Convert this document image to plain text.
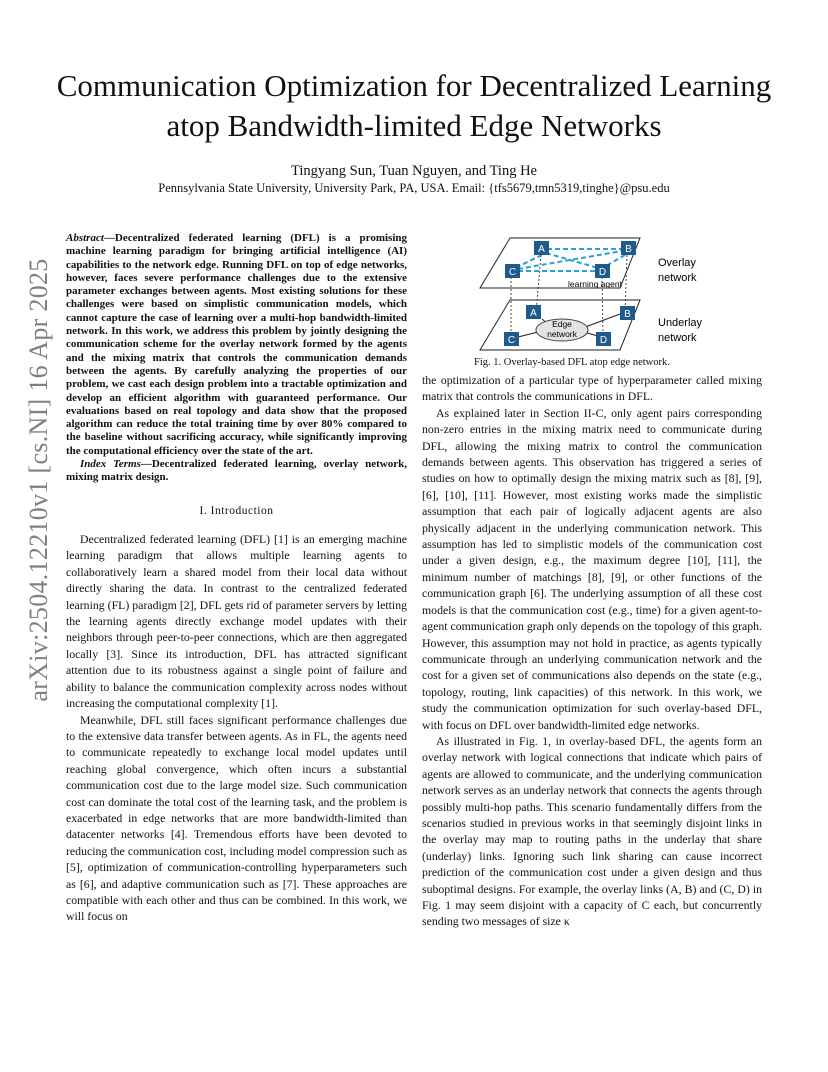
Communication Optimization for Decentralized Learning atop Bandwidth-limited Edge Networks
Tingyang Sun, Tuan Nguyen, and Ting He
Pennsylvania State University, University Park, PA, USA. Email: {tfs5679,tmn5319,tinghe}@psu.edu
arXiv:2504.12210v1 [cs.NI] 16 Apr 2025

Abstract—Decentralized federated learning (DFL) is a promising machine learning paradigm for bringing artificial intelligence (AI) capabilities to the network edge. Running DFL on top of edge networks, however, faces severe performance challenges due to the extensive parameter exchanges between agents. Most existing solutions for these challenges were based on simplistic communication models, which cannot capture the case of learning over a multi-hop bandwidth-limited network. In this work, we address this problem by jointly designing the communication scheme for the overlay network formed by the agents and the mixing matrix that controls the communication demands between the agents. By carefully analyzing the properties of our problem, we cast each design problem into a tractable optimization and develop an efficient algorithm with guaranteed performance. Our evaluations based on real topology and data show that the proposed algorithm can reduce the total training time by over 80% compared to the baseline without sacrificing accuracy, while significantly improving the computational efficiency over the state of the art.

Index Terms—Decentralized federated learning, overlay network, mixing matrix design.

I. Introduction

Decentralized federated learning (DFL) [1] is an emerging machine learning paradigm that allows multiple learning agents to collaboratively learn a shared model from their local data without directly sharing the data. In contrast to the centralized federated learning (FL) paradigm [2], DFL gets rid of parameter servers by letting the learning agents directly exchange model updates with their neighbors through peer-to-peer connections, which are then aggregated locally [3]. Since its introduction, DFL has attracted significant attention due to its robustness against a single point of failure and ability to balance the communication complexity across nodes without increasing the computational complexity [1].

Meanwhile, DFL still faces significant performance challenges due to the extensive data transfer between agents. As in FL, the agents need to communicate repeatedly to exchange local model updates until reaching global convergence, which often incurs a substantial communication cost due to the large model size. Such communication cost can dominate the total cost of the learning task, and the problem is exacerbated in edge networks that are more bandwidth-limited than datacenter networks [4]. Tremendous efforts have been devoted to reducing the communication cost, including model compression such as [5], optimization of communication-controlling hyperparameters such as [6], and adaptive communication such as [7]. These approaches are compatible with each other and thus can be combined. In this work, we will focus on

Edge
network
A	B
C	D
learning agent
A	B
C	D
Overlay
network
Underlay
network
Fig. 1. Overlay-based DFL atop edge network.

the optimization of a particular type of hyperparameter called mixing matrix that controls the communications in DFL.

As explained later in Section II-C, only agent pairs corresponding non-zero entries in the mixing matrix need to communicate during DFL, allowing the mixing matrix to control the communication demands between agents. This observation has triggered a series of studies on how to optimally design the mixing matrix such as [8], [9], [6], [10], [11]. However, most existing works made the simplistic assumption that each pair of logically adjacent agents are also physically adjacent in the underlying communication network. This assumption has led to simplistic models of the communication cost under a given design, e.g., the maximum degree [10], [11], the minimum number of matchings [8], [9], or other functions of the communication graph [6]. The underlying assumption of all these cost models is that the communication cost (e.g., time) for a given agent-to-agent communication graph only depends on the topology of this graph. However, this assumption may not hold in practice, as agents typically communicate through an underlying communication network and the cost for a given set of communications also depends on the state (e.g., topology, routing, link capacities) of this network. In this work, we study the communication optimization for such overlay-based DFL, with focus on DFL over bandwidth-limited edge networks.

As illustrated in Fig. 1, in overlay-based DFL, the agents form an overlay network with logical connections that indicate which pairs of agents are allowed to communicate, and the underlying communication network serves as an underlay network that connects the agents through possibly multi-hop paths. This scenario fundamentally differs from the scenarios studied in previous works in that seemingly disjoint links in the overlay may map to routing paths in the underlay that share (underlay) links. Ignoring such link sharing can cause incorrect prediction of the communication cost under a given design and thus suboptimal designs. For example, the overlay links (A, B) and (C, D) in Fig. 1 may seem disjoint with a capacity of C each, but concurrently sending two messages of size κ
